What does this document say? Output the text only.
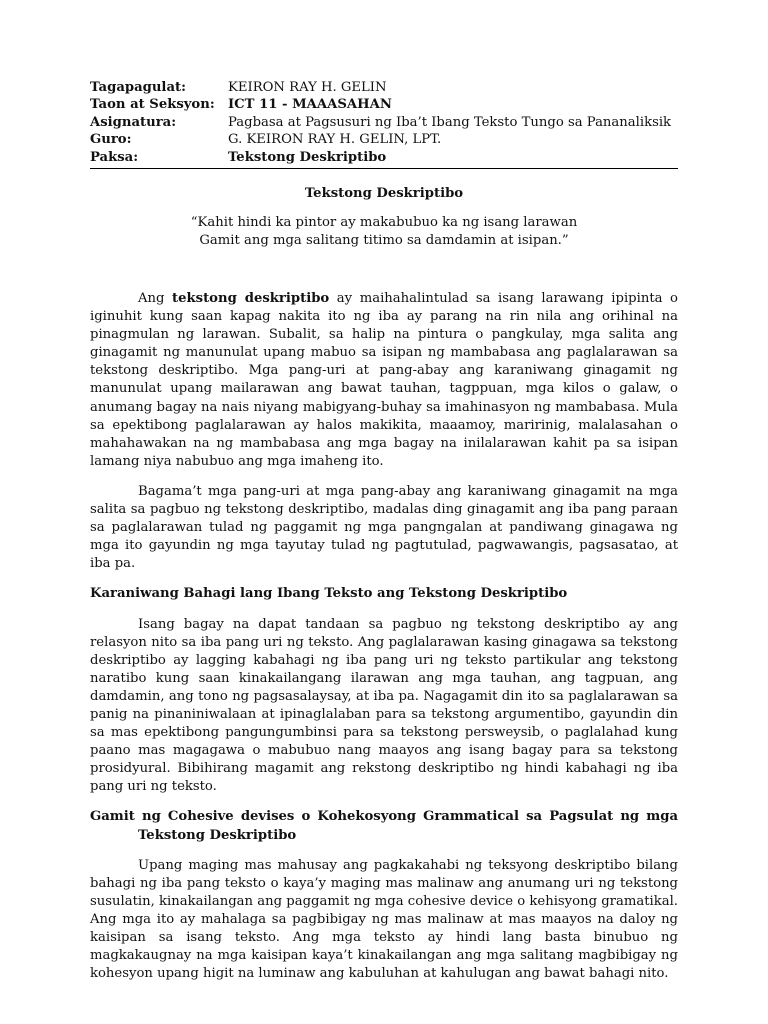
Tagapagulat:	KEIRON RAY H. GELIN
Taon at Seksyon:	ICT 11 - MAAASAHAN
Asignatura:	Pagbasa at Pagsusuri ng Iba’t Ibang Teksto Tungo sa Pananaliksik
Guro:	G. KEIRON RAY H. GELIN, LPT.
Paksa:	Tekstong Deskriptibo
Tekstong Deskriptibo
“Kahit hindi ka pintor ay makabubuo ka ng isang larawan
Gamit ang mga salitang titimo sa damdamin at isipan.”

Ang tekstong deskriptibo ay maihahalintulad sa isang larawang ipipinta o iginuhit kung saan kapag nakita ito ng iba ay parang na rin nila ang orihinal na pinagmulan ng larawan. Subalit, sa halip na pintura o pangkulay, mga salita ang ginagamit ng manunulat upang mabuo sa isipan ng mambabasa ang paglalarawan sa tekstong deskriptibo. Mga pang-uri at pang-abay ang karaniwang ginagamit ng manunulat upang mailarawan ang bawat tauhan, tagppuan, mga kilos o galaw, o anumang bagay na nais niyang mabigyang-buhay sa imahinasyon ng mambabasa. Mula sa epektibong paglalarawan ay halos makikita, maaamoy, maririnig, malalasahan o mahahawakan na ng mambabasa ang mga bagay na inilalarawan kahit pa sa isipan lamang niya nabubuo ang mga imaheng ito.

Bagama’t mga pang-uri at mga pang-abay ang karaniwang ginagamit na mga salita sa pagbuo ng tekstong deskriptibo, madalas ding ginagamit ang iba pang paraan sa paglalarawan tulad ng paggamit ng mga pangngalan at pandiwang ginagawa ng mga ito gayundin ng mga tayutay tulad ng pagtutulad, pagwawangis, pagsasatao, at iba pa.

Karaniwang Bahagi lang Ibang Teksto ang Tekstong Deskriptibo

Isang bagay na dapat tandaan sa pagbuo ng tekstong deskriptibo ay ang relasyon nito sa iba pang uri ng teksto. Ang paglalarawan kasing ginagawa sa tekstong deskriptibo ay lagging kabahagi ng iba pang uri ng teksto partikular ang tekstong naratibo kung saan kinakailangang ilarawan ang mga tauhan, ang tagpuan, ang damdamin, ang tono ng pagsasalaysay, at iba pa. Nagagamit din ito sa paglalarawan sa panig na pinaniniwalaan at ipinaglalaban para sa tekstong argumentibo, gayundin din sa mas epektibong pangungumbinsi para sa tekstong persweysib, o paglalahad kung paano mas magagawa o mabubuo nang maayos ang isang bagay para sa tekstong prosidyural. Bibihirang magamit ang rekstong deskriptibo ng hindi kabahagi ng iba pang uri ng teksto.

Gamit ng Cohesive devises o Kohekosyong Grammatical sa Pagsulat ng mga Tekstong Deskriptibo

Upang maging mas mahusay ang pagkakahabi ng teksyong deskriptibo bilang bahagi ng iba pang teksto o kaya’y maging mas malinaw ang anumang uri ng tekstong susulatin, kinakailangan ang paggamit ng mga cohesive device o kehisyong gramatikal. Ang mga ito ay mahalaga sa pagbibigay ng mas malinaw at mas maayos na daloy ng kaisipan sa isang teksto. Ang mga teksto ay hindi lang basta binubuo ng magkakaugnay na mga kaisipan kaya’t kinakailangan ang mga salitang magbibigay ng kohesyon upang higit na luminaw ang kabuluhan at kahulugan ang bawat bahagi nito.
